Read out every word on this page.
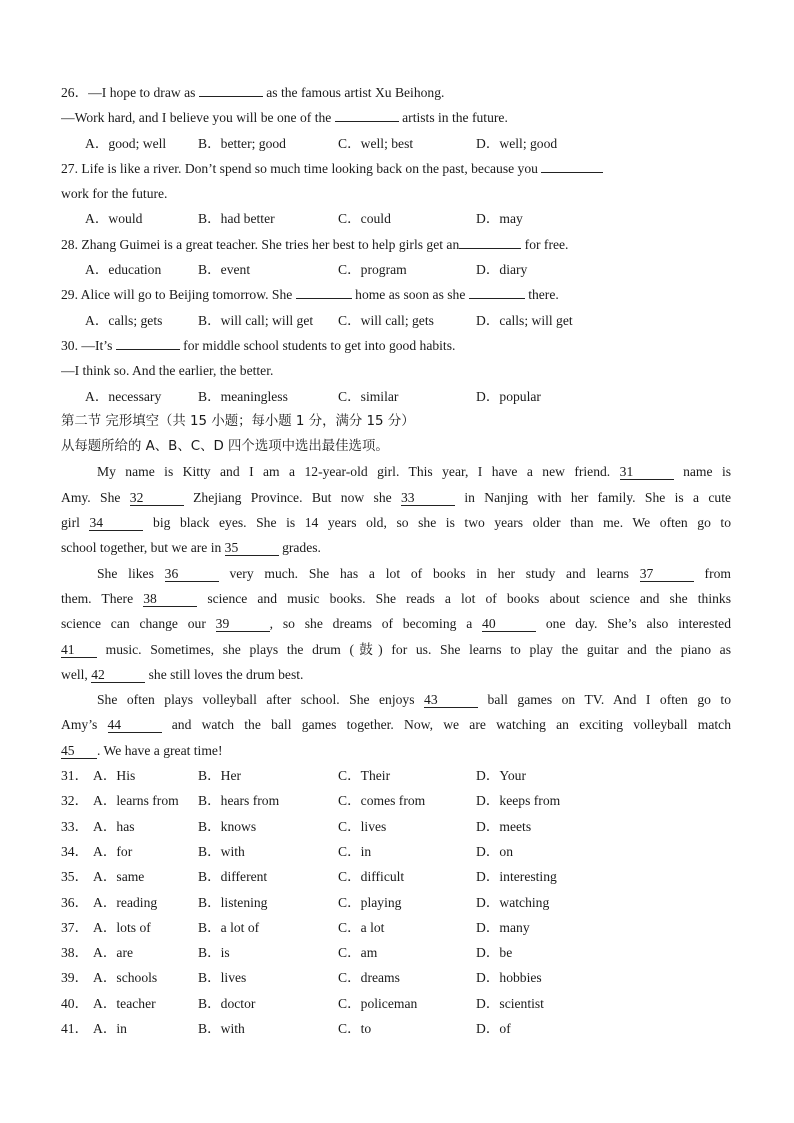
26．—I hope to draw as	as the famous artist Xu Beihong.
—Work hard, and I believe you will be one of the	artists in the future.
A．good; well B．better; good	C．well; best	D．well; good
27. Life is like a river. Don’t spend so much time looking back on the past, because you
work for the future.
A．would	B．had better	C．could	D．may
28. Zhang Guimei is a great teacher. She tries her best to help girls get an	for free.
A．education	B．event	C．program	D．diary
29. Alice will go to Beijing tomorrow. She	home as soon as she	there.
A．calls; gets	B．will call; will get C．will call; gets	D．calls; will get
30. —It’s	for middle school students to get into good habits.
—I think so. And the earlier, the better.
A．necessary	B．meaningless	C．similar	D．popular
第二节 完形填空（共 15 小题；每小题 1 分，满分 15 分）
从每题所给的 A、B、C、D 四个选项中选出最佳选项。
My name is Kitty and I am a 12-year-old girl. This year, I have a new friend. 31	name is
Amy. She 32	Zhejiang Province. But now she 33	in Nanjing with her family. She is a cute
girl 34	big black eyes. She is 14 years old, so she is two years older than me. We often go to
school together, but we are in 35	grades.
She likes 36	very much. She has a lot of books in her study and learns 37	from
them. There 38	science and music books. She reads a lot of books about science and she thinks
science can change our 39	, so she dreams of becoming a 40	one day. She’s also interested
41 music. Sometimes, she plays the drum (鼓) for us. She learns to play the guitar and the piano as
well, 42	she still loves the drum best.
She often plays volleyball after school. She enjoys 43	ball games on TV. And I often go to
Amy’s 44	and watch the ball games together. Now, we are watching an exciting volleyball match
45 . We have a great time!
31． A．His	B．Her	C．Their	D．Your
32． A．learns from B．hears from	C．comes from	D．keeps from
33． A．has	B．knows	C．lives	D．meets
34． A．for	B．with	C．in	D．on
35． A．same	B．different	C．difficult	D．interesting
36． A．reading	B．listening	C．playing	D．watching
37． A．lots of	B．a lot of	C．a lot	D．many
38． A．are	B．is	C．am	D．be
39． A．schools	B．lives	C．dreams	D．hobbies
40． A．teacher	B．doctor	C．policeman	D．scientist
41． A．in	B．with	C．to	D．of
